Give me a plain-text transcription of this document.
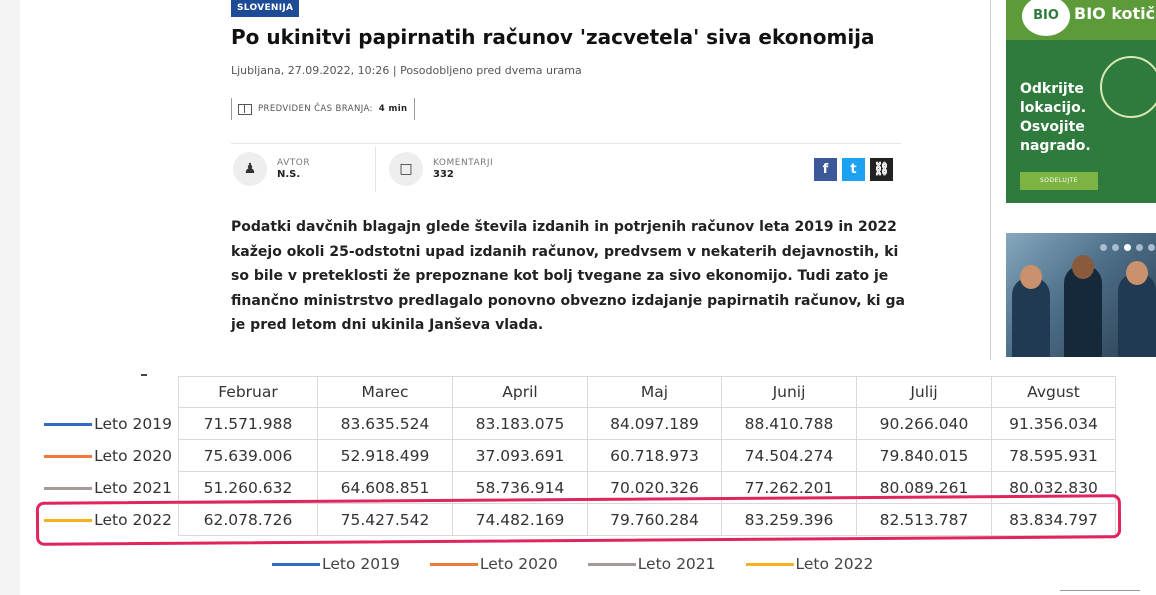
SLOVENIJA
Po ukinitvi papirnatih računov 'zacvetela' siva ekonomija
Ljubljana, 27.09.2022, 10:26 | Posodobljeno pred dvema urama
PREDVIDEN ČAS BRANJA: 4 min
♟	AVTOR
N.S.	□	KOMENTARJI
332	f	t	⛓
Podatki davčnih blagajn glede števila izdanih in potrjenih računov leta 2019 in 2022 kažejo okoli 25-odstotni upad izdanih računov, predvsem v nekaterih dejavnostih, ki so bile v preteklosti že prepoznane kot bolj tvegane za sivo ekonomijo. Tudi zato je finančno ministrstvo predlagalo ponovno obvezno izdajanje papirnatih računov, ki ga je pred letom dni ukinila Janševa vlada.
BIO BIO kotič
Odkrijte
lokacijo.
Osvojite
nagrado.
SODELUJTE
	Februar	Marec	April	Maj	Junij	Julij	Avgust
Leto 2019	71.571.988	83.635.524	83.183.075	84.097.189	88.410.788	90.266.040	91.356.034
Leto 2020	75.639.006	52.918.499	37.093.691	60.718.973	74.504.274	79.840.015	78.595.931
Leto 2021	51.260.632	64.608.851	58.736.914	70.020.326	77.262.201	80.089.261	80.032.830
Leto 2022	62.078.726	75.427.542	74.482.169	79.760.284	83.259.396	82.513.787	83.834.797
Leto 2019	Leto 2020	Leto 2021	Leto 2022
